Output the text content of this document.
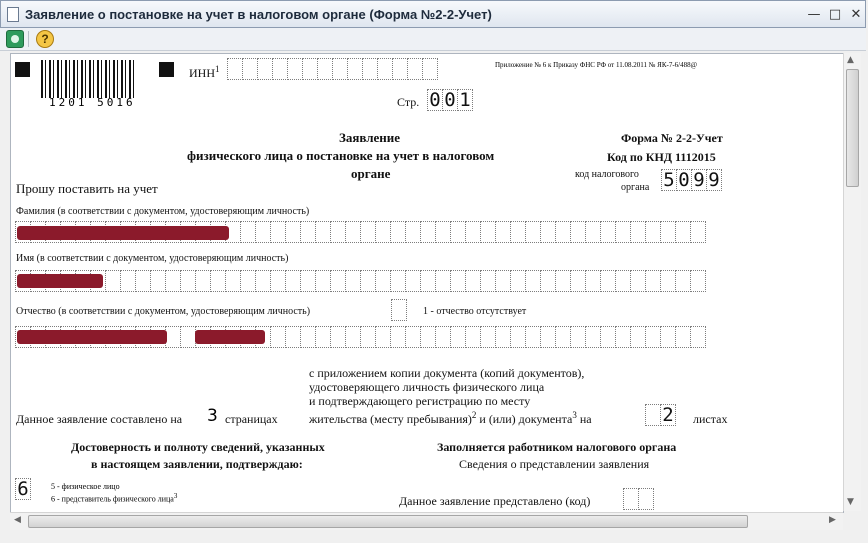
Заявление о постановке на учет в налоговом органе (Форма №2-2-Учет)	— □ ✕
?
1201 5016
ИНН$^1$	Приложение № 6 к Приказу ФНС РФ от 11.08.2011 № ЯК-7-6/488@
Стр. 0 0 1
Заявление
физического лица о постановке на учет в налоговом
органе
Форма № 2-2-Учет
Код по КНД 1112015
Прошу поставить на учет
код налогового
органа 5 0 9 9
Фамилия (в соответствии с документом, удостоверяющим личность)
Имя (в соответствии с документом, удостоверяющим личность)
Отчество (в соответствии с документом, удостоверяющим личность)	1 - отчество отсутствует
с приложением копии документа (копий документов),
удостоверяющего личность физического лица
и подтверждающего регистрацию по месту
жительства (месту пребывания)$^2$ и (или) документа$^3$ на	2 листах
Данное заявление составлено на 3 страницах
Достоверность и полноту сведений, указанных
в настоящем заявлении, подтверждаю:
6	5 - физическое лицо
6 - представитель физического лица$^3$
Заполняется работником налогового органа
Сведения о представлении заявления
Данное заявление представлено (код)
▲
▼
◀	▶
